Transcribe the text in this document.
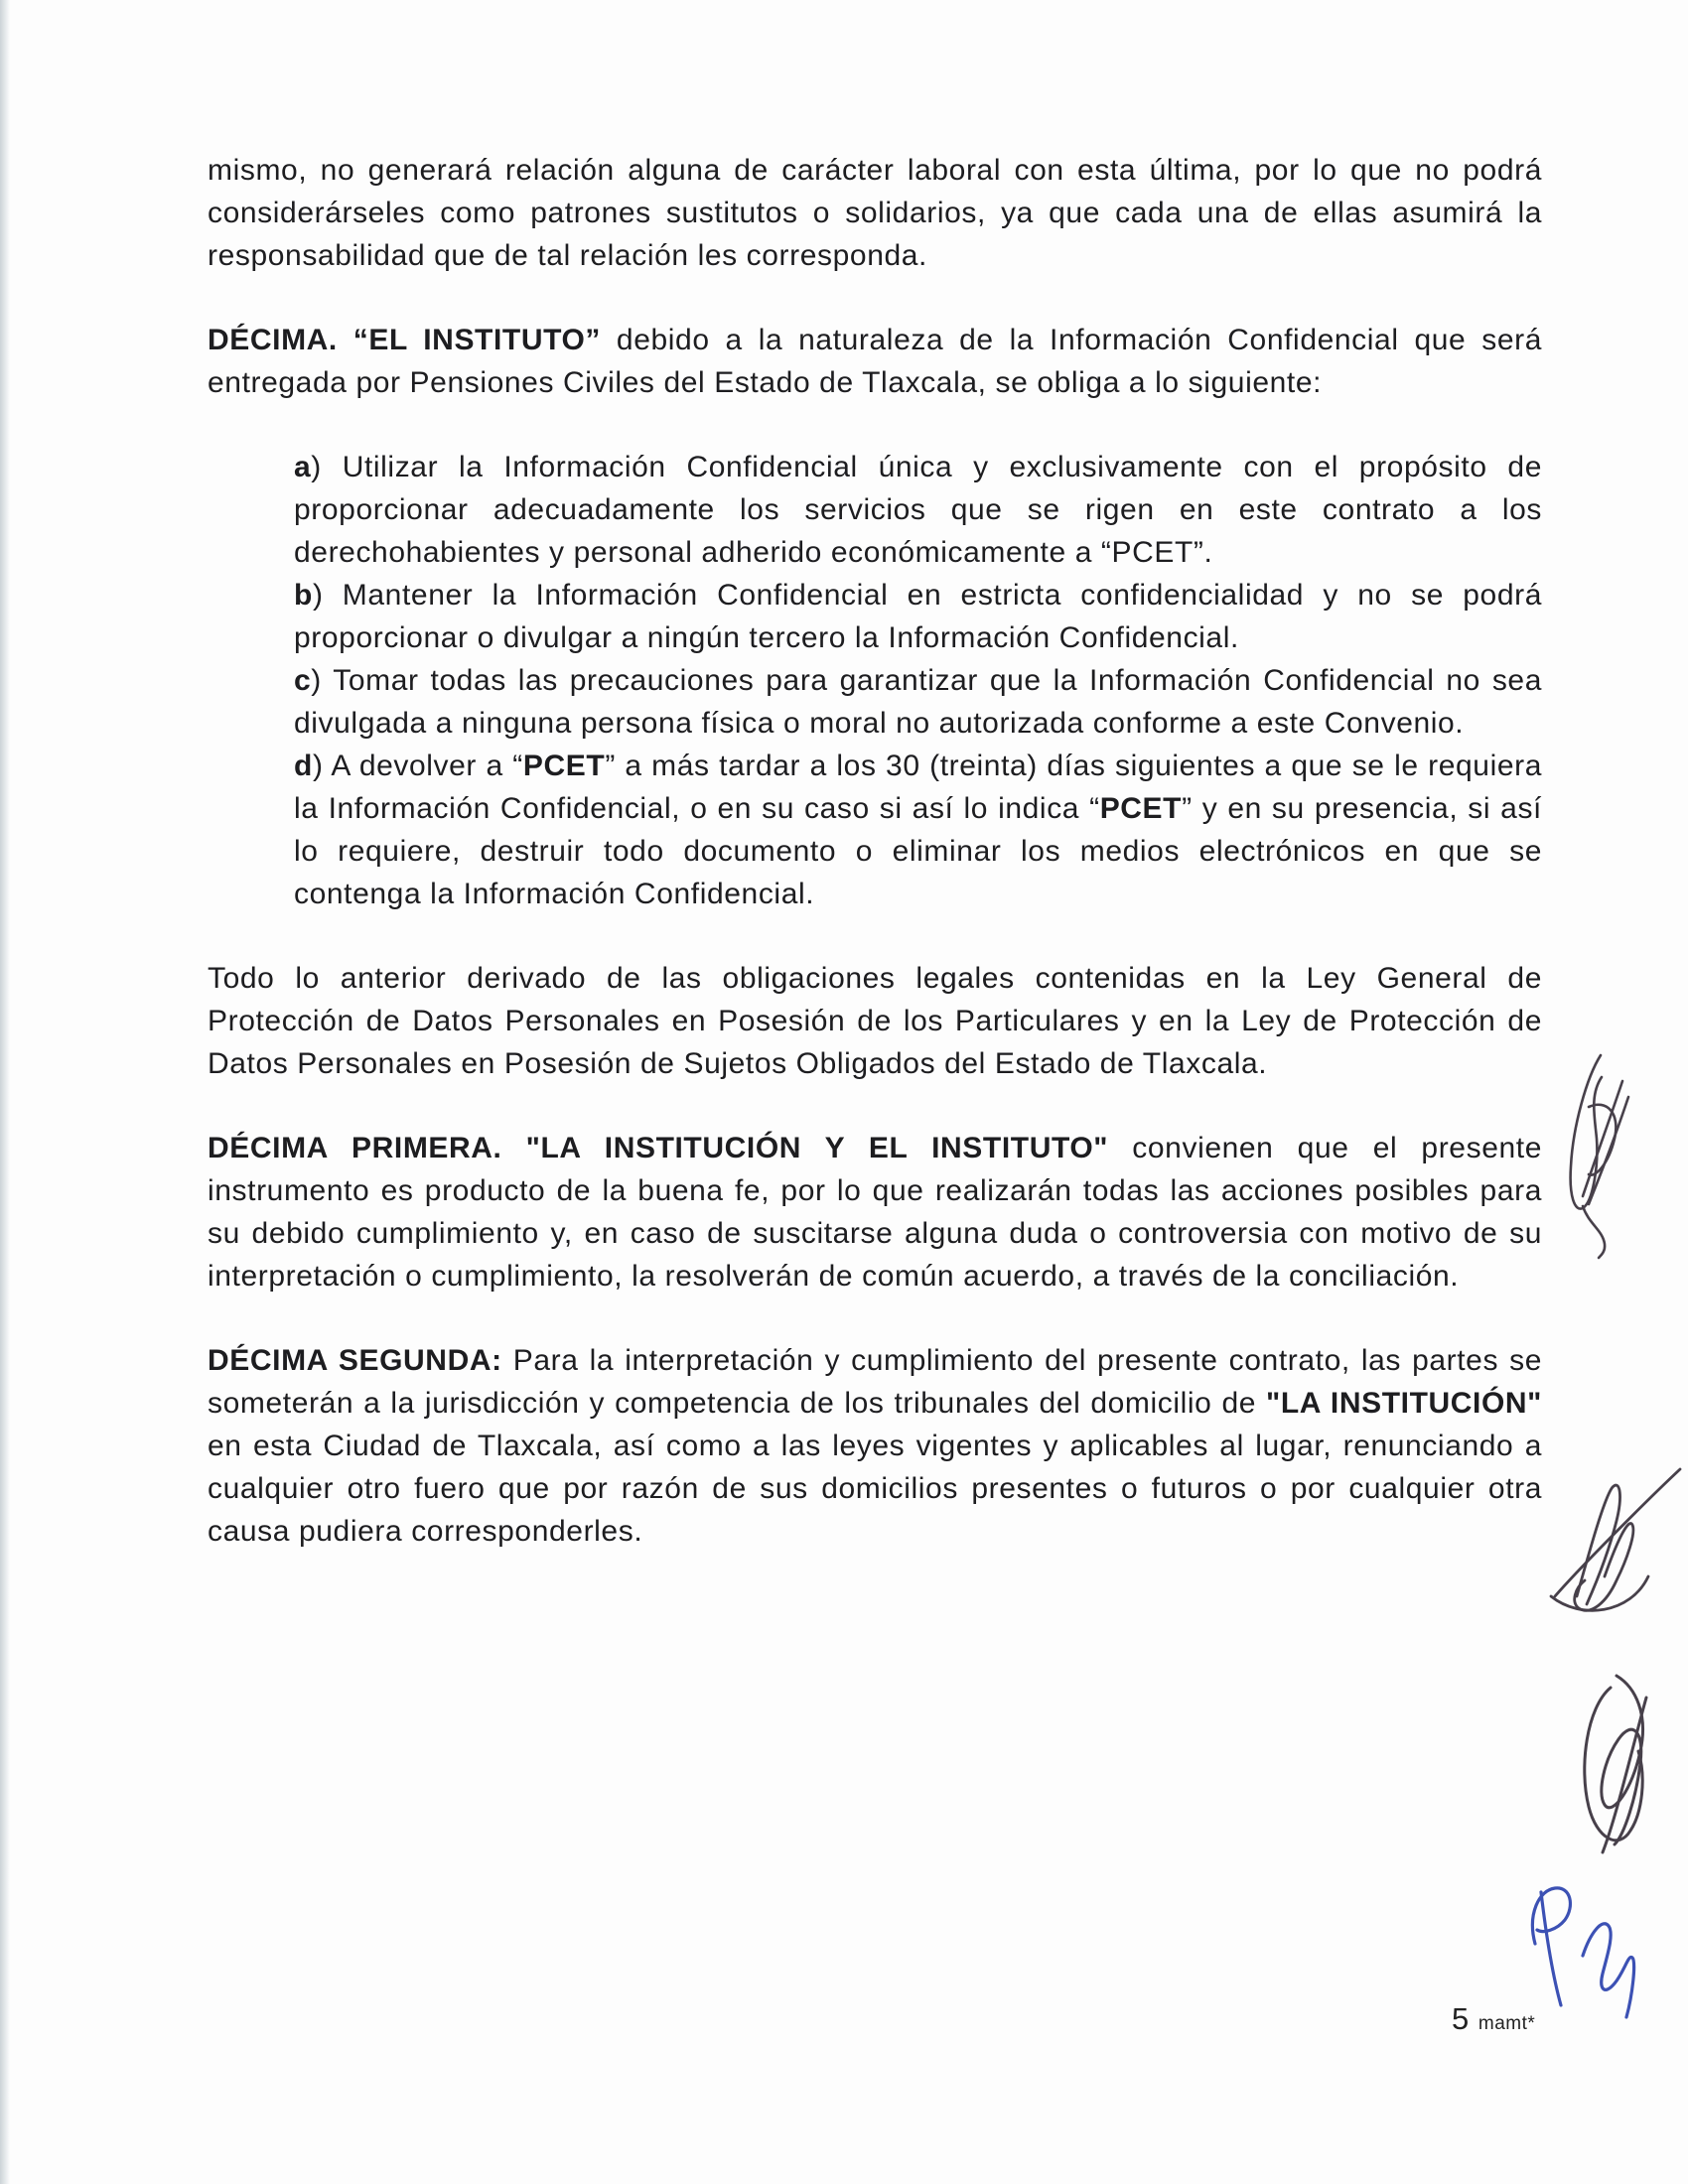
mismo, no generará relación alguna de carácter laboral con esta última, por lo que no podrá considerárseles como patrones sustitutos o solidarios, ya que cada una de ellas asumirá la responsabilidad que de tal relación les corresponda.

DÉCIMA. “EL INSTITUTO” debido a la naturaleza de la Información Confidencial que será entregada por Pensiones Civiles del Estado de Tlaxcala, se obliga a lo siguiente:

a) Utilizar la Información Confidencial única y exclusivamente con el propósito de proporcionar adecuadamente los servicios que se rigen en este contrato a los derechohabientes y personal adherido económicamente a “PCET”.
b) Mantener la Información Confidencial en estricta confidencialidad y no se podrá proporcionar o divulgar a ningún tercero la Información Confidencial.
c) Tomar todas las precauciones para garantizar que la Información Confidencial no sea divulgada a ninguna persona física o moral no autorizada conforme a este Convenio.
d) A devolver a “PCET” a más tardar a los 30 (treinta) días siguientes a que se le requiera la Información Confidencial, o en su caso si así lo indica “PCET” y en su presencia, si así lo requiere, destruir todo documento o eliminar los medios electrónicos en que se contenga la Información Confidencial.

Todo lo anterior derivado de las obligaciones legales contenidas en la Ley General de Protección de Datos Personales en Posesión de los Particulares y en la Ley de Protección de Datos Personales en Posesión de Sujetos Obligados del Estado de Tlaxcala.

DÉCIMA PRIMERA. "LA INSTITUCIÓN Y EL INSTITUTO" convienen que el presente instrumento es producto de la buena fe, por lo que realizarán todas las acciones posibles para su debido cumplimiento y, en caso de suscitarse alguna duda o controversia con motivo de su interpretación o cumplimiento, la resolverán de común acuerdo, a través de la conciliación.

DÉCIMA SEGUNDA: Para la interpretación y cumplimiento del presente contrato, las partes se someterán a la jurisdicción y competencia de los tribunales del domicilio de "LA INSTITUCIÓN" en esta Ciudad de Tlaxcala, así como a las leyes vigentes y aplicables al lugar, renunciando a cualquier otro fuero que por razón de sus domicilios presentes o futuros o por cualquier otra causa pudiera corresponderles.

5 mamt*
